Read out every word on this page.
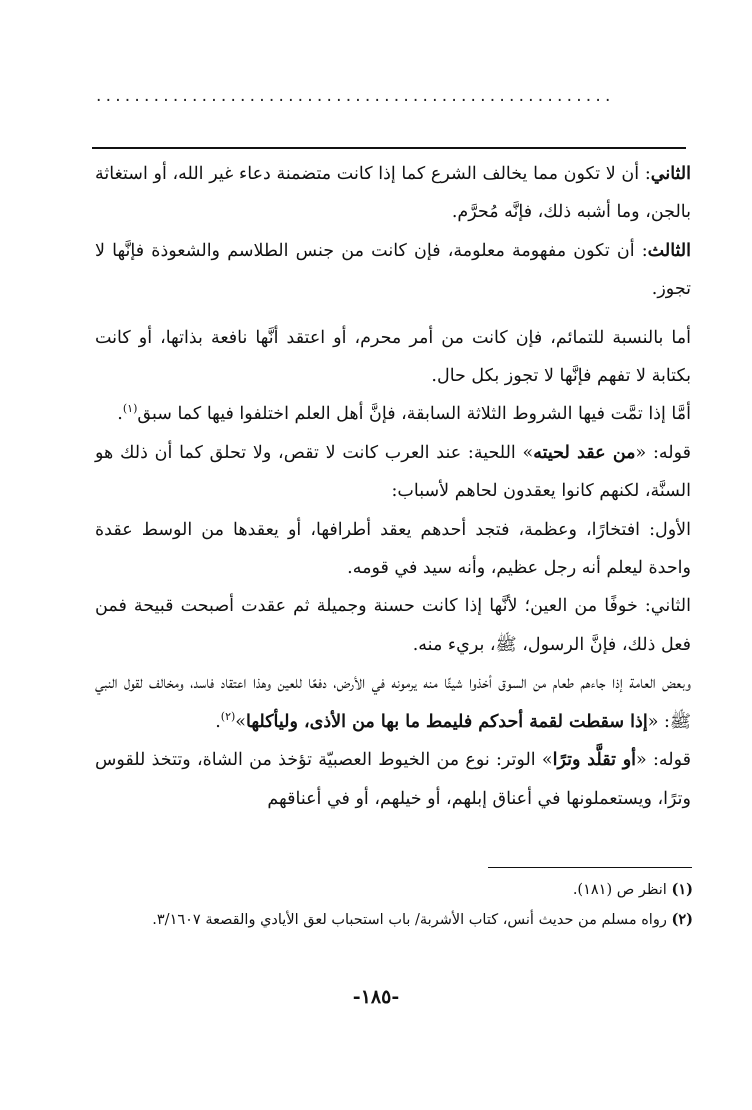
......................................................

الثاني: أن لا تكون مما يخالف الشرع كما إذا كانت متضمنة دعاء غير الله، أو استغاثة بالجن، وما أشبه ذلك، فإنَّه مُحرَّم.

الثالث: أن تكون مفهومة معلومة، فإن كانت من جنس الطلاسم والشعوذة فإنَّها لا تجوز.

أما بالنسبة للتمائم، فإن كانت من أمر محرم، أو اعتقد أنَّها نافعة بذاتها، أو كانت بكتابة لا تفهم فإنَّها لا تجوز بكل حال.

أمَّا إذا تمَّت فيها الشروط الثلاثة السابقة، فإنَّ أهل العلم اختلفوا فيها كما سبق$^{(١)}$.

قوله: «من عقد لحيته» اللحية: عند العرب كانت لا تقص، ولا تحلق كما أن ذلك هو السنَّة، لكنهم كانوا يعقدون لحاهم لأسباب:

الأول: افتخارًا، وعظمة، فتجد أحدهم يعقد أطرافها، أو يعقدها من الوسط عقدة واحدة ليعلم أنه رجل عظيم، وأنه سيد في قومه.

الثاني: خوفًا من العين؛ لأنَّها إذا كانت حسنة وجميلة ثم عقدت أصبحت قبيحة فمن فعل ذلك، فإنَّ الرسول، ﷺ، بريء منه.

وبعض العامة إذا جاءهم طعام من السوق أخذوا شيئًا منه يرمونه في الأرض، دفعًا للعين وهذا اعتقاد فاسد، ومخالف لقول النبي ﷺ: «إذا سقطت لقمة أحدكم فليمط ما بها من الأذى، وليأكلها»$^{(٢)}$.

قوله: «أو تقلَّد وترًا» الوتر: نوع من الخيوط العصبيّة تؤخذ من الشاة، وتتخذ للقوس وترًا، ويستعملونها في أعناق إبلهم، أو خيلهم، أو في أعناقهم

(١) انظر ص (١٨١).

(٢) رواه مسلم من حديث أنس، كتاب الأشربة/ باب استحباب لعق الأيادي والقصعة ٣/١٦٠٧.

-١٨٥-
